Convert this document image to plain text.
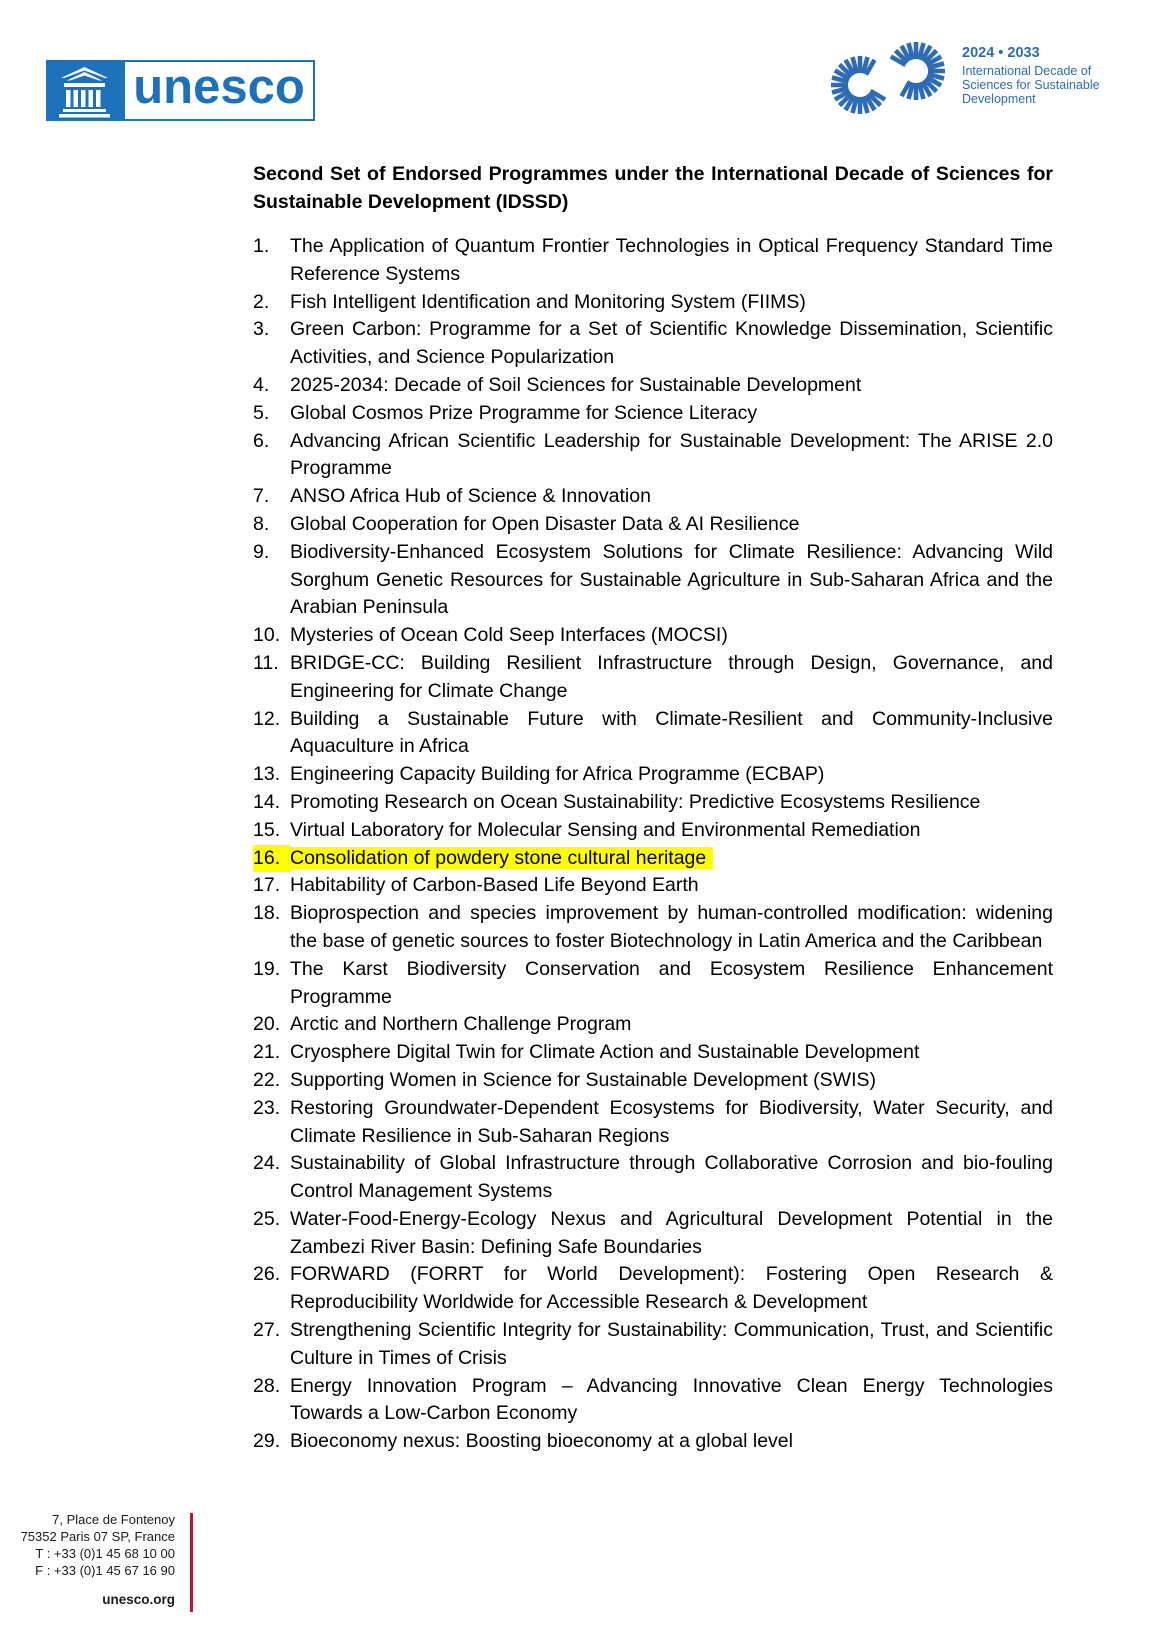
unesco
2024 • 2033
International Decade of
Sciences for Sustainable
Development
Second Set of Endorsed Programmes under the International Decade of Sciences for Sustainable Development (IDSSD)
1.	The Application of Quantum Frontier Technologies in Optical Frequency Standard Time Reference Systems
2.	Fish Intelligent Identification and Monitoring System (FIIMS)
3.	Green Carbon: Programme for a Set of Scientific Knowledge Dissemination, Scientific Activities, and Science Popularization
4.	2025-2034: Decade of Soil Sciences for Sustainable Development
5.	Global Cosmos Prize Programme for Science Literacy
6.	Advancing African Scientific Leadership for Sustainable Development: The ARISE 2.0 Programme
7.	ANSO Africa Hub of Science & Innovation
8.	Global Cooperation for Open Disaster Data & AI Resilience
9.	Biodiversity-Enhanced Ecosystem Solutions for Climate Resilience: Advancing Wild Sorghum Genetic Resources for Sustainable Agriculture in Sub-Saharan Africa and the Arabian Peninsula
10. Mysteries of Ocean Cold Seep Interfaces (MOCSI)
11. BRIDGE-CC: Building Resilient Infrastructure through Design, Governance, and Engineering for Climate Change
12. Building a Sustainable Future with Climate-Resilient and Community-Inclusive Aquaculture in Africa
13. Engineering Capacity Building for Africa Programme (ECBAP)
14. Promoting Research on Ocean Sustainability: Predictive Ecosystems Resilience
15. Virtual Laboratory for Molecular Sensing and Environmental Remediation
16. Consolidation of powdery stone cultural heritage
17. Habitability of Carbon-Based Life Beyond Earth
18. Bioprospection and species improvement by human-controlled modification: widening the base of genetic sources to foster Biotechnology in Latin America and the Caribbean
19. The Karst Biodiversity Conservation and Ecosystem Resilience Enhancement Programme
20. Arctic and Northern Challenge Program
21. Cryosphere Digital Twin for Climate Action and Sustainable Development
22. Supporting Women in Science for Sustainable Development (SWIS)
23. Restoring Groundwater-Dependent Ecosystems for Biodiversity, Water Security, and Climate Resilience in Sub-Saharan Regions
24. Sustainability of Global Infrastructure through Collaborative Corrosion and bio-fouling Control Management Systems
25. Water-Food-Energy-Ecology Nexus and Agricultural Development Potential in the Zambezi River Basin: Defining Safe Boundaries
26. FORWARD (FORRT for World Development): Fostering Open Research & Reproducibility Worldwide for Accessible Research & Development
27. Strengthening Scientific Integrity for Sustainability: Communication, Trust, and Scientific Culture in Times of Crisis
28. Energy Innovation Program – Advancing Innovative Clean Energy Technologies Towards a Low-Carbon Economy
29. Bioeconomy nexus: Boosting bioeconomy at a global level
7, Place de Fontenoy
75352 Paris 07 SP, France
T : +33 (0)1 45 68 10 00
F : +33 (0)1 45 67 16 90
unesco.org
